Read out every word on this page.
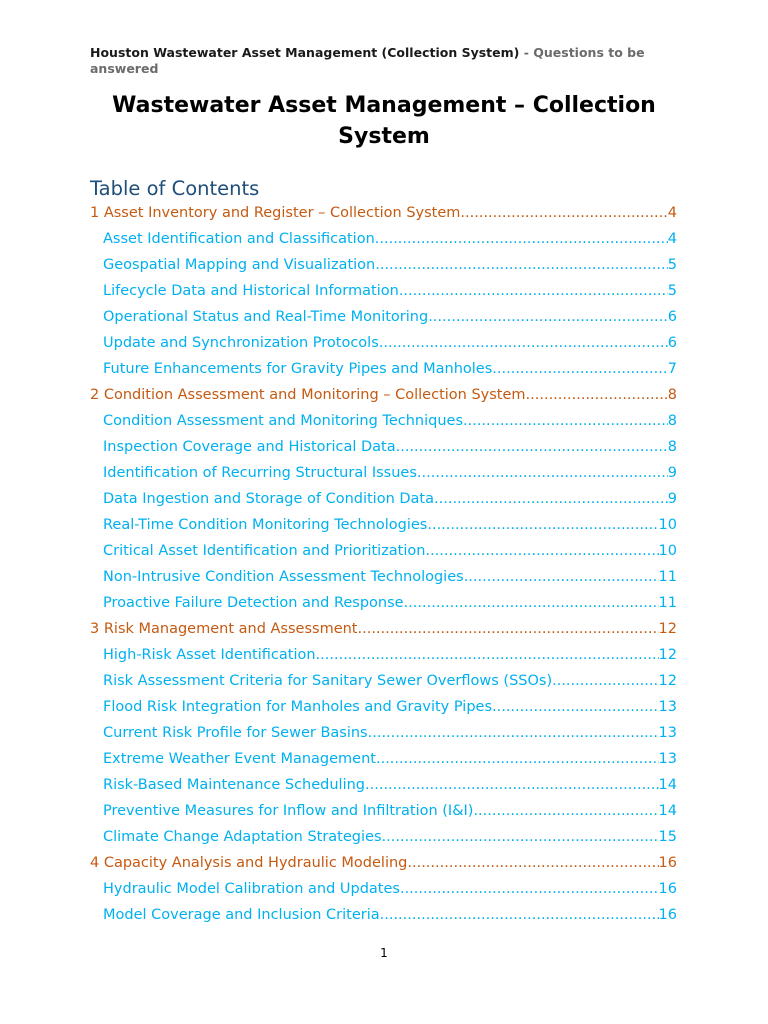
Houston Wastewater Asset Management (Collection System) - Questions to be answered
Wastewater Asset Management – Collection System
Table of Contents
1 Asset Inventory and Register – Collection System .....	4
Asset Identification and Classification .....	4
Geospatial Mapping and Visualization .....	5
Lifecycle Data and Historical Information .....	5
Operational Status and Real-Time Monitoring .....	6
Update and Synchronization Protocols .....	6
Future Enhancements for Gravity Pipes and Manholes .....	7
2 Condition Assessment and Monitoring – Collection System .....	8
Condition Assessment and Monitoring Techniques .....	8
Inspection Coverage and Historical Data .....	8
Identification of Recurring Structural Issues .....	9
Data Ingestion and Storage of Condition Data .....	9
Real-Time Condition Monitoring Technologies .....	10
Critical Asset Identification and Prioritization .....	10
Non-Intrusive Condition Assessment Technologies .....	11
Proactive Failure Detection and Response .....	11
3 Risk Management and Assessment .....	12
High-Risk Asset Identification .....	12
Risk Assessment Criteria for Sanitary Sewer Overflows (SSOs) .....	12
Flood Risk Integration for Manholes and Gravity Pipes .....	13
Current Risk Profile for Sewer Basins .....	13
Extreme Weather Event Management .....	13
Risk-Based Maintenance Scheduling .....	14
Preventive Measures for Inflow and Infiltration (I&I) .....	14
Climate Change Adaptation Strategies .....	15
4 Capacity Analysis and Hydraulic Modeling .....	16
Hydraulic Model Calibration and Updates .....	16
Model Coverage and Inclusion Criteria .....	16
1
